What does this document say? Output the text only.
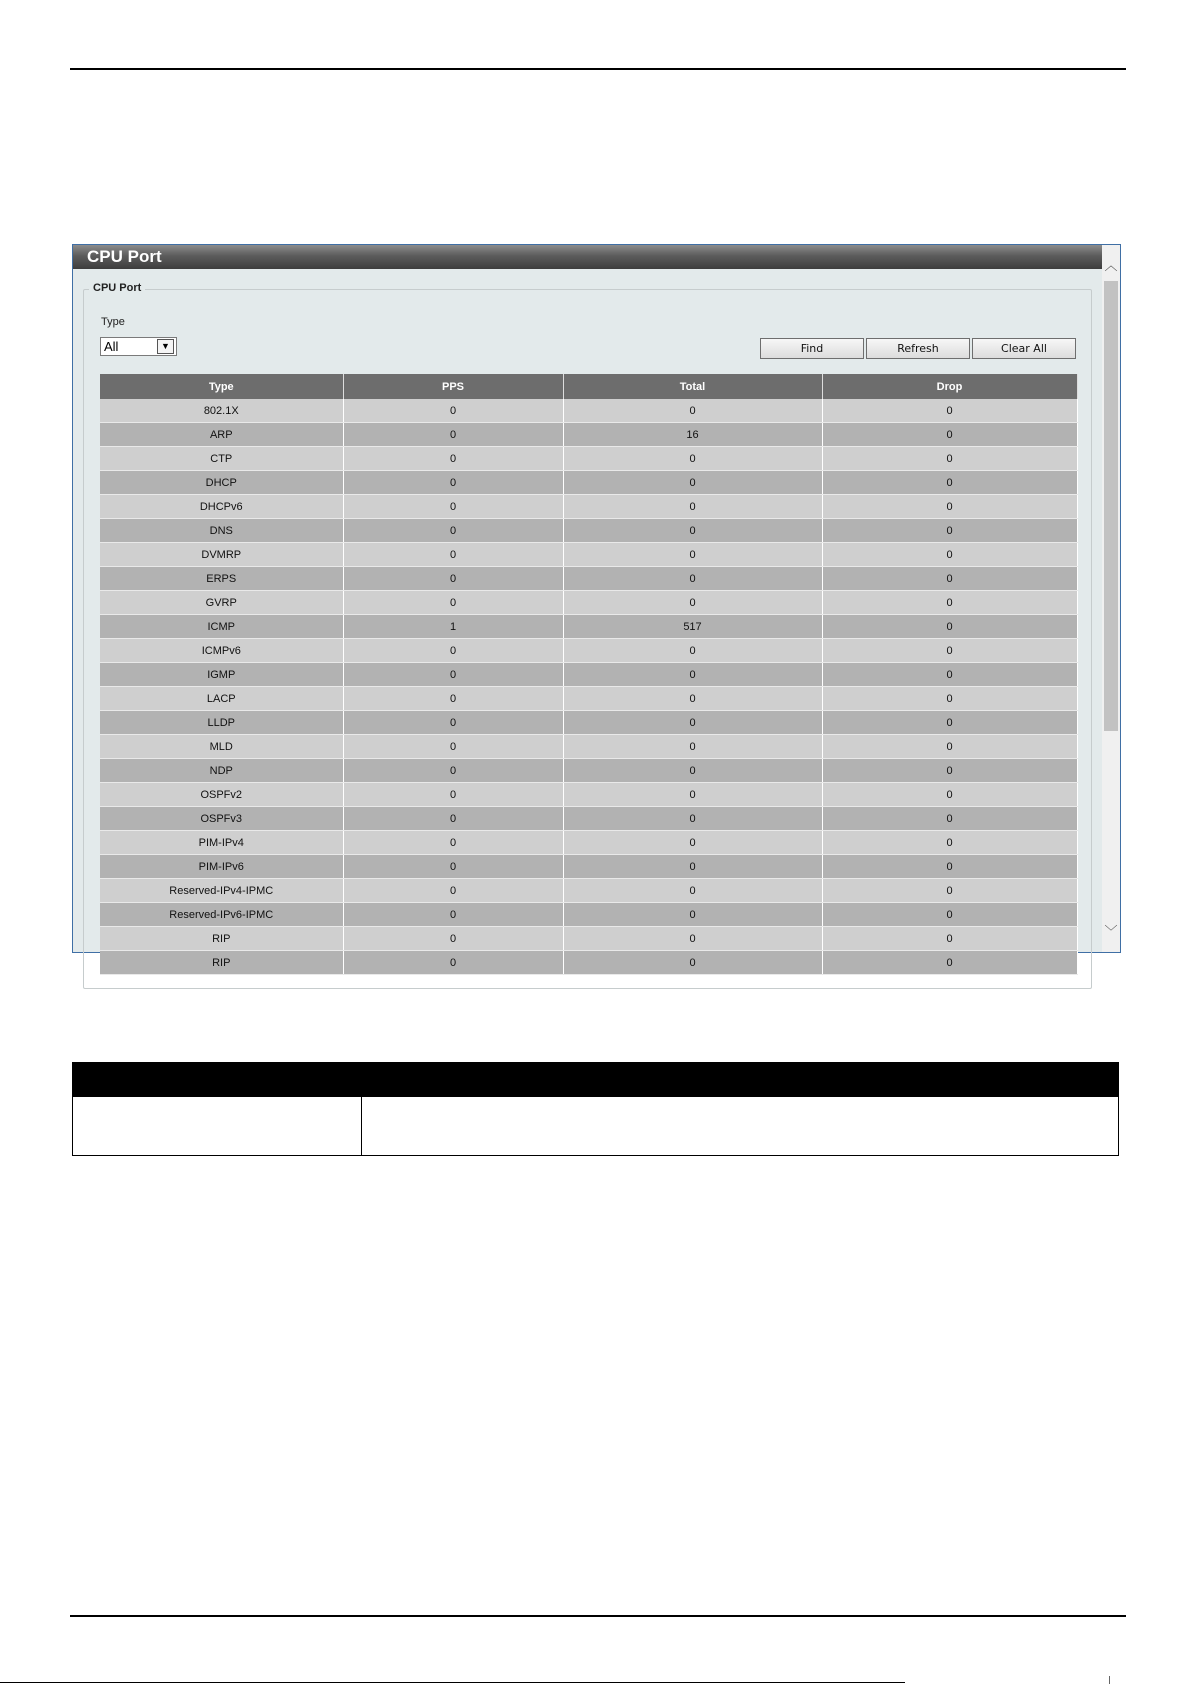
CPU Port
CPU Port
Type
All	▼	Find	Refresh	Clear All
Type	PPS	Total	Drop
802.1X	0	0	0
ARP	0	16	0
CTP	0	0	0
DHCP	0	0	0
DHCPv6	0	0	0
DNS	0	0	0
DVMRP	0	0	0
ERPS	0	0	0
GVRP	0	0	0
ICMP	1	517	0
ICMPv6	0	0	0
IGMP	0	0	0
LACP	0	0	0
LLDP	0	0	0
MLD	0	0	0
NDP	0	0	0
OSPFv2	0	0	0
OSPFv3	0	0	0
PIM-IPv4	0	0	0
PIM-IPv6	0	0	0
Reserved-IPv4-IPMC	0	0	0
Reserved-IPv6-IPMC	0	0	0
RIP	0	0	0
RIP	0	0	0
︿
﹀
